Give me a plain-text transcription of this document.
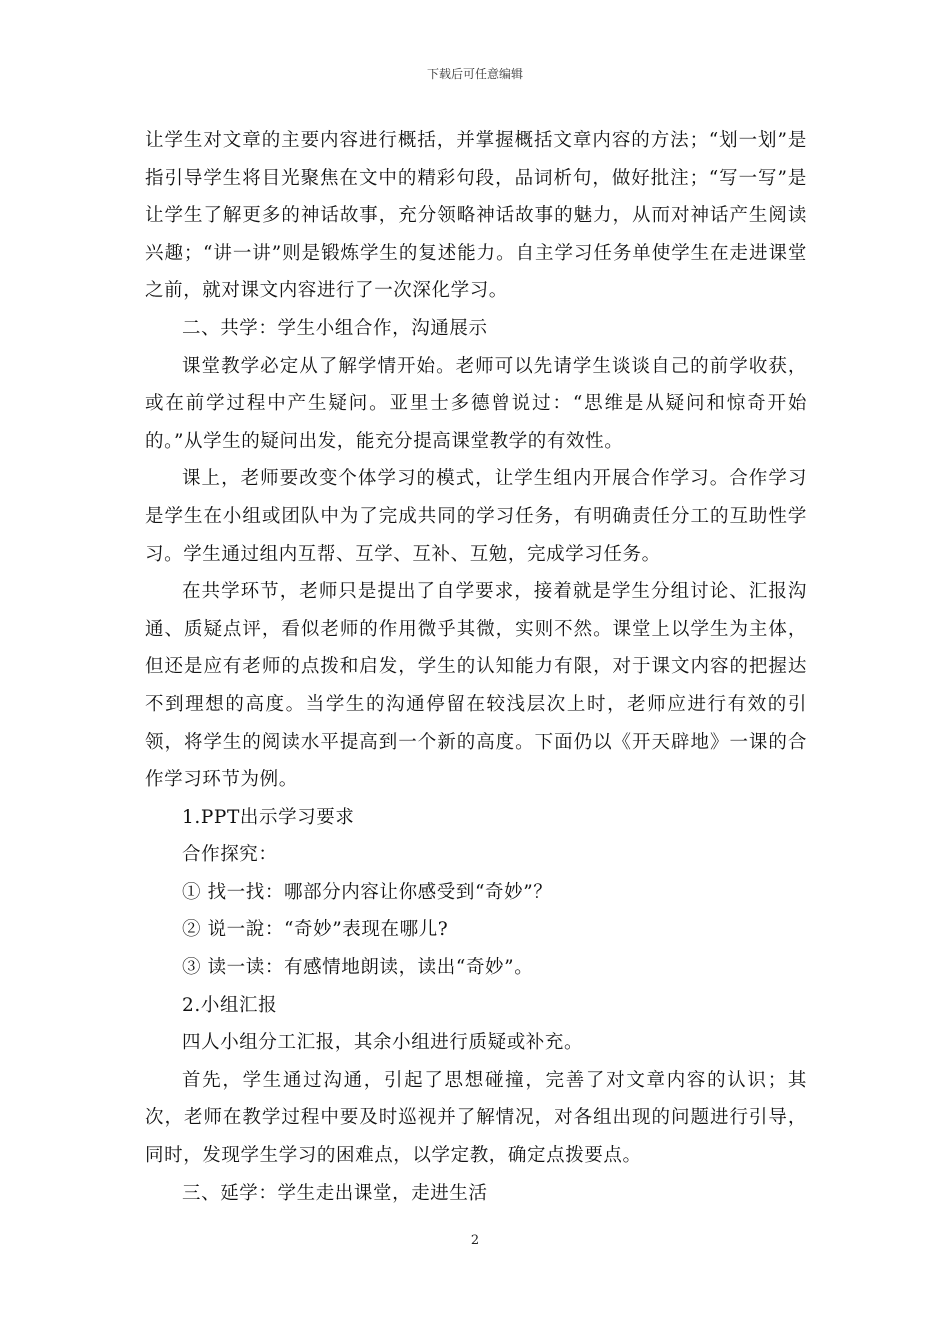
下载后可任意编辑

让学生对文章的主要内容进行概括，并掌握概括文章内容的方法；“划一划”是指引导学生将目光聚焦在文中的精彩句段，品词析句，做好批注；“写一写”是让学生了解更多的神话故事，充分领略神话故事的魅力，从而对神话产生阅读兴趣；“讲一讲”则是锻炼学生的复述能力。自主学习任务单使学生在走进课堂之前，就对课文内容进行了一次深化学习。

二、共学：学生小组合作，沟通展示

课堂教学必定从了解学情开始。老师可以先请学生谈谈自己的前学收获，或在前学过程中产生疑问。亚里士多德曾说过：“思维是从疑问和惊奇开始的。”从学生的疑问出发，能充分提高课堂教学的有效性。

课上，老师要改变个体学习的模式，让学生组内开展合作学习。合作学习是学生在小组或团队中为了完成共同的学习任务，有明确责任分工的互助性学习。学生通过组内互帮、互学、互补、互勉，完成学习任务。

在共学环节，老师只是提出了自学要求，接着就是学生分组讨论、汇报沟通、质疑点评，看似老师的作用微乎其微，实则不然。课堂上以学生为主体，但还是应有老师的点拨和启发，学生的认知能力有限，对于课文内容的把握达不到理想的高度。当学生的沟通停留在较浅层次上时，老师应进行有效的引领，将学生的阅读水平提高到一个新的高度。下面仍以《开天辟地》一课的合作学习环节为例。

1.PPT出示学习要求

合作探究：

① 找一找：哪部分内容让你感受到“奇妙”？

② 说一說：“奇妙”表现在哪儿?

③ 读一读：有感情地朗读，读出“奇妙”。

2.小组汇报

四人小组分工汇报，其余小组进行质疑或补充。

首先，学生通过沟通，引起了思想碰撞，完善了对文章内容的认识；其次，老师在教学过程中要及时巡视并了解情况，对各组出现的问题进行引导，同时，发现学生学习的困难点，以学定教，确定点拨要点。

三、延学：学生走出课堂，走进生活

2
